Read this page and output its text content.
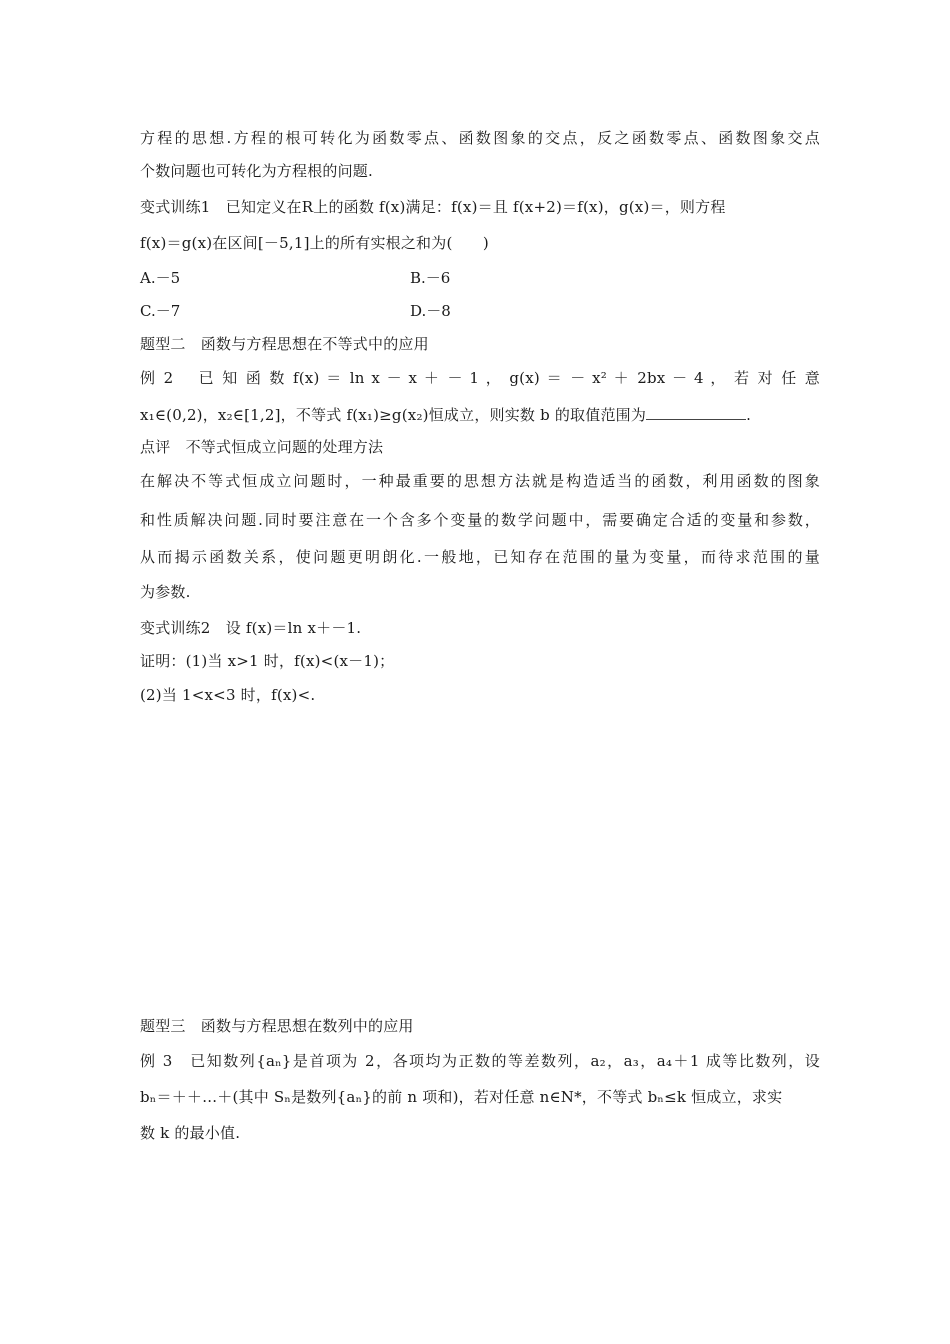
方程的思想.方程的根可转化为函数零点、函数图象的交点，反之函数零点、函数图象交点
个数问题也可转化为方程根的问题.
变式训练1　已知定义在R上的函数 f(x)满足：f(x)＝且 f(x+2)＝f(x)，g(x)＝，则方程
f(x)＝g(x)在区间[－5,1]上的所有实根之和为(　　)
A.－5	B.－6
C.－7	D.－8
题型二　函数与方程思想在不等式中的应用
例 2　 已 知 函 数 f(x) ＝ ln x － x ＋ － 1 ， g(x) ＝ － x² ＋ 2bx － 4 ， 若 对 任 意
x₁∈(0,2)，x₂∈[1,2]，不等式 f(x₁)≥g(x₂)恒成立，则实数 b 的取值范围为	.
点评　不等式恒成立问题的处理方法
在解决不等式恒成立问题时，一种最重要的思想方法就是构造适当的函数，利用函数的图象
和性质解决问题.同时要注意在一个含多个变量的数学问题中，需要确定合适的变量和参数，
从而揭示函数关系，使问题更明朗化.一般地，已知存在范围的量为变量，而待求范围的量
为参数.
变式训练2　设 f(x)＝ln x＋－1.
证明：(1)当 x>1 时，f(x)<(x－1)；
(2)当 1<x<3 时，f(x)<.
题型三　函数与方程思想在数列中的应用
例 3　已知数列{aₙ}是首项为 2，各项均为正数的等差数列，a₂，a₃，a₄＋1 成等比数列，设
bₙ＝＋＋…＋(其中 Sₙ是数列{aₙ}的前 n 项和)，若对任意 n∈N*，不等式 bₙ≤k 恒成立，求实
数 k 的最小值.
